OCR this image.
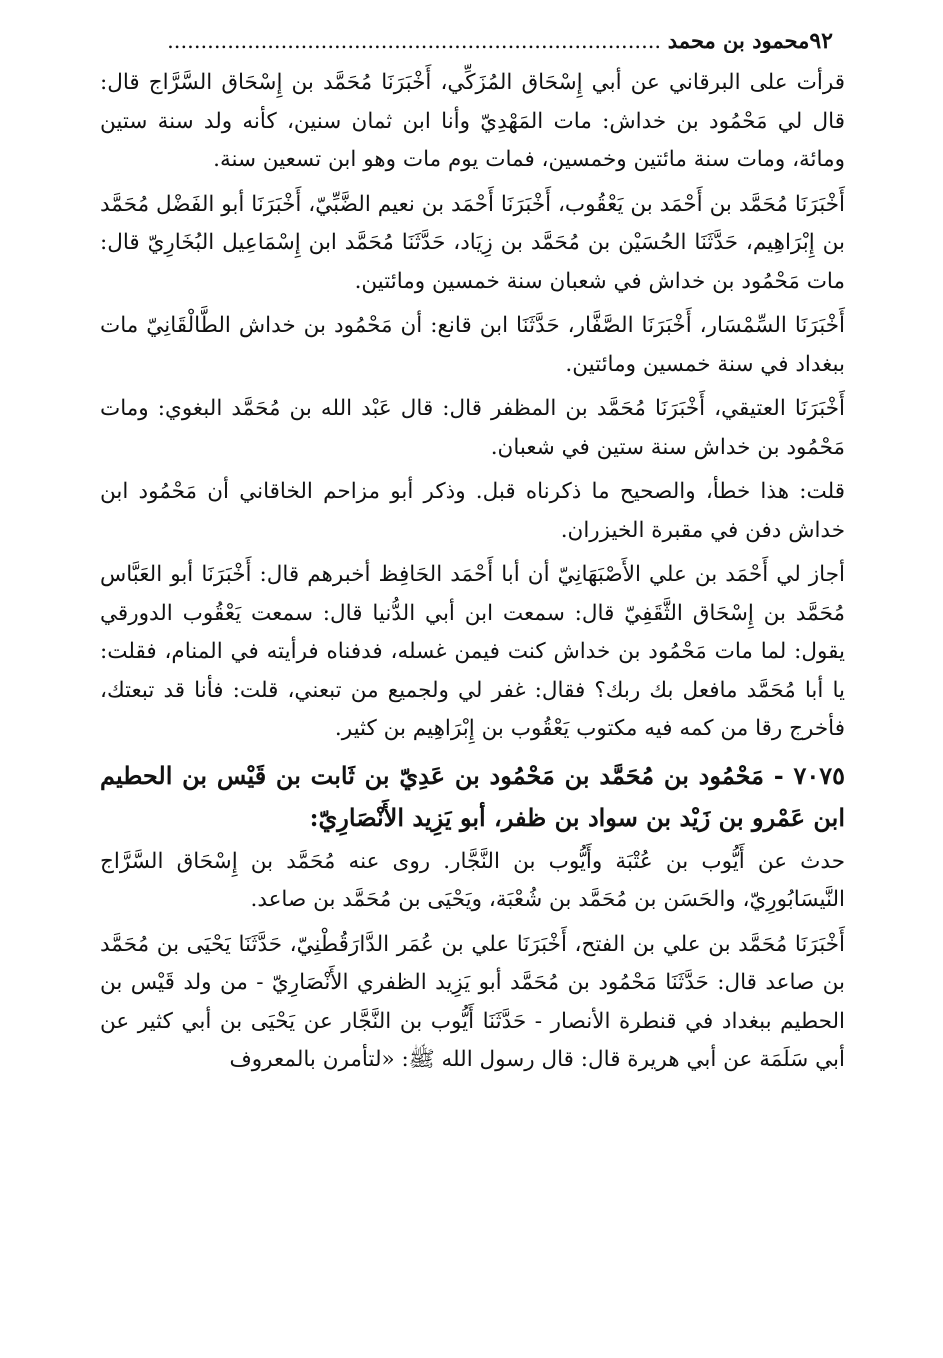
٩٢
محمود بن محمد .....

قرأت على البرقاني عن أبي إِسْحَاق المُزَكِّي، أَخْبَرَنَا مُحَمَّد بن إِسْحَاق السَّرَّاج قال: قال لي مَحْمُود بن خداش: مات المَهْدِيّ وأنا ابن ثمان سنين، كأنه ولد سنة ستين ومائة، ومات سنة مائتين وخمسين، فمات يوم مات وهو ابن تسعين سنة.

أَخْبَرَنَا مُحَمَّد بن أَحْمَد بن يَعْقُوب، أَخْبَرَنَا أَحْمَد بن نعيم الضَّبِّيّ، أَخْبَرَنَا أبو الفَضْل مُحَمَّد بن إِبْرَاهِيم، حَدَّثَنَا الحُسَيْن بن مُحَمَّد بن زِيَاد، حَدَّثَنَا مُحَمَّد ابن إِسْمَاعِيل البُخَارِيّ قال: مات مَحْمُود بن خداش في شعبان سنة خمسين ومائتين.

أَخْبَرَنَا السِّمْسَار، أَخْبَرَنَا الصَّفَّار، حَدَّثَنَا ابن قانع: أن مَحْمُود بن خداش الطَّالْقَانِيّ مات ببغداد في سنة خمسين ومائتين.

أَخْبَرَنَا العتيقي، أَخْبَرَنَا مُحَمَّد بن المظفر قال: قال عَبْد الله بن مُحَمَّد البغوي: ومات مَحْمُود بن خداش سنة ستين في شعبان.

قلت: هذا خطأ، والصحيح ما ذكرناه قبل. وذكر أبو مزاحم الخاقاني أن مَحْمُود ابن خداش دفن في مقبرة الخيزران.

أجاز لي أَحْمَد بن علي الأَصْبَهَانِيّ أن أبا أَحْمَد الحَافِظ أخبرهم قال: أَخْبَرَنَا أبو العَبَّاس مُحَمَّد بن إِسْحَاق الثَّقَفِيّ قال: سمعت ابن أبي الدُّنيا قال: سمعت يَعْقُوب الدورقي يقول: لما مات مَحْمُود بن خداش كنت فيمن غسله، فدفناه فرأيته في المنام، فقلت: يا أبا مُحَمَّد مافعل بك ربك؟ فقال: غفر لي ولجميع من تبعني، قلت: فأنا قد تبعتك، فأخرج رقا من كمه فيه مكتوب يَعْقُوب بن إِبْرَاهِيم بن كثير.

٧٠٧٥ - مَحْمُود بن مُحَمَّد بن مَحْمُود بن عَدِيّ بن ثَابت بن قَيْس بن الحطيم ابن عَمْرو بن زَيْد بن سواد بن ظفر، أبو يَزِيد الأَنْصَارِيّ:

حدث عن أَيُّوب بن عُتْبَة وأَيُّوب بن النَّجَّار. روى عنه مُحَمَّد بن إِسْحَاق السَّرَّاج النَّيسَابُورِيّ، والحَسَن بن مُحَمَّد بن شُعْبَة، ويَحْيَى بن مُحَمَّد بن صاعد.

أَخْبَرَنَا مُحَمَّد بن علي بن الفتح، أَخْبَرَنَا علي بن عُمَر الدَّارَقُطْنِيّ، حَدَّثَنَا يَحْيَى بن مُحَمَّد بن صاعد قال: حَدَّثَنَا مَحْمُود بن مُحَمَّد أبو يَزِيد الظفري الأَنْصَارِيّ - من ولد قَيْس بن الحطيم ببغداد في قنطرة الأنصار - حَدَّثَنَا أَيُّوب بن النَّجَّار عن يَحْيَى بن أبي كثير عن أبي سَلَمَة عن أبي هريرة قال: قال رسول الله ﷺ: «لتأمرن بالمعروف
